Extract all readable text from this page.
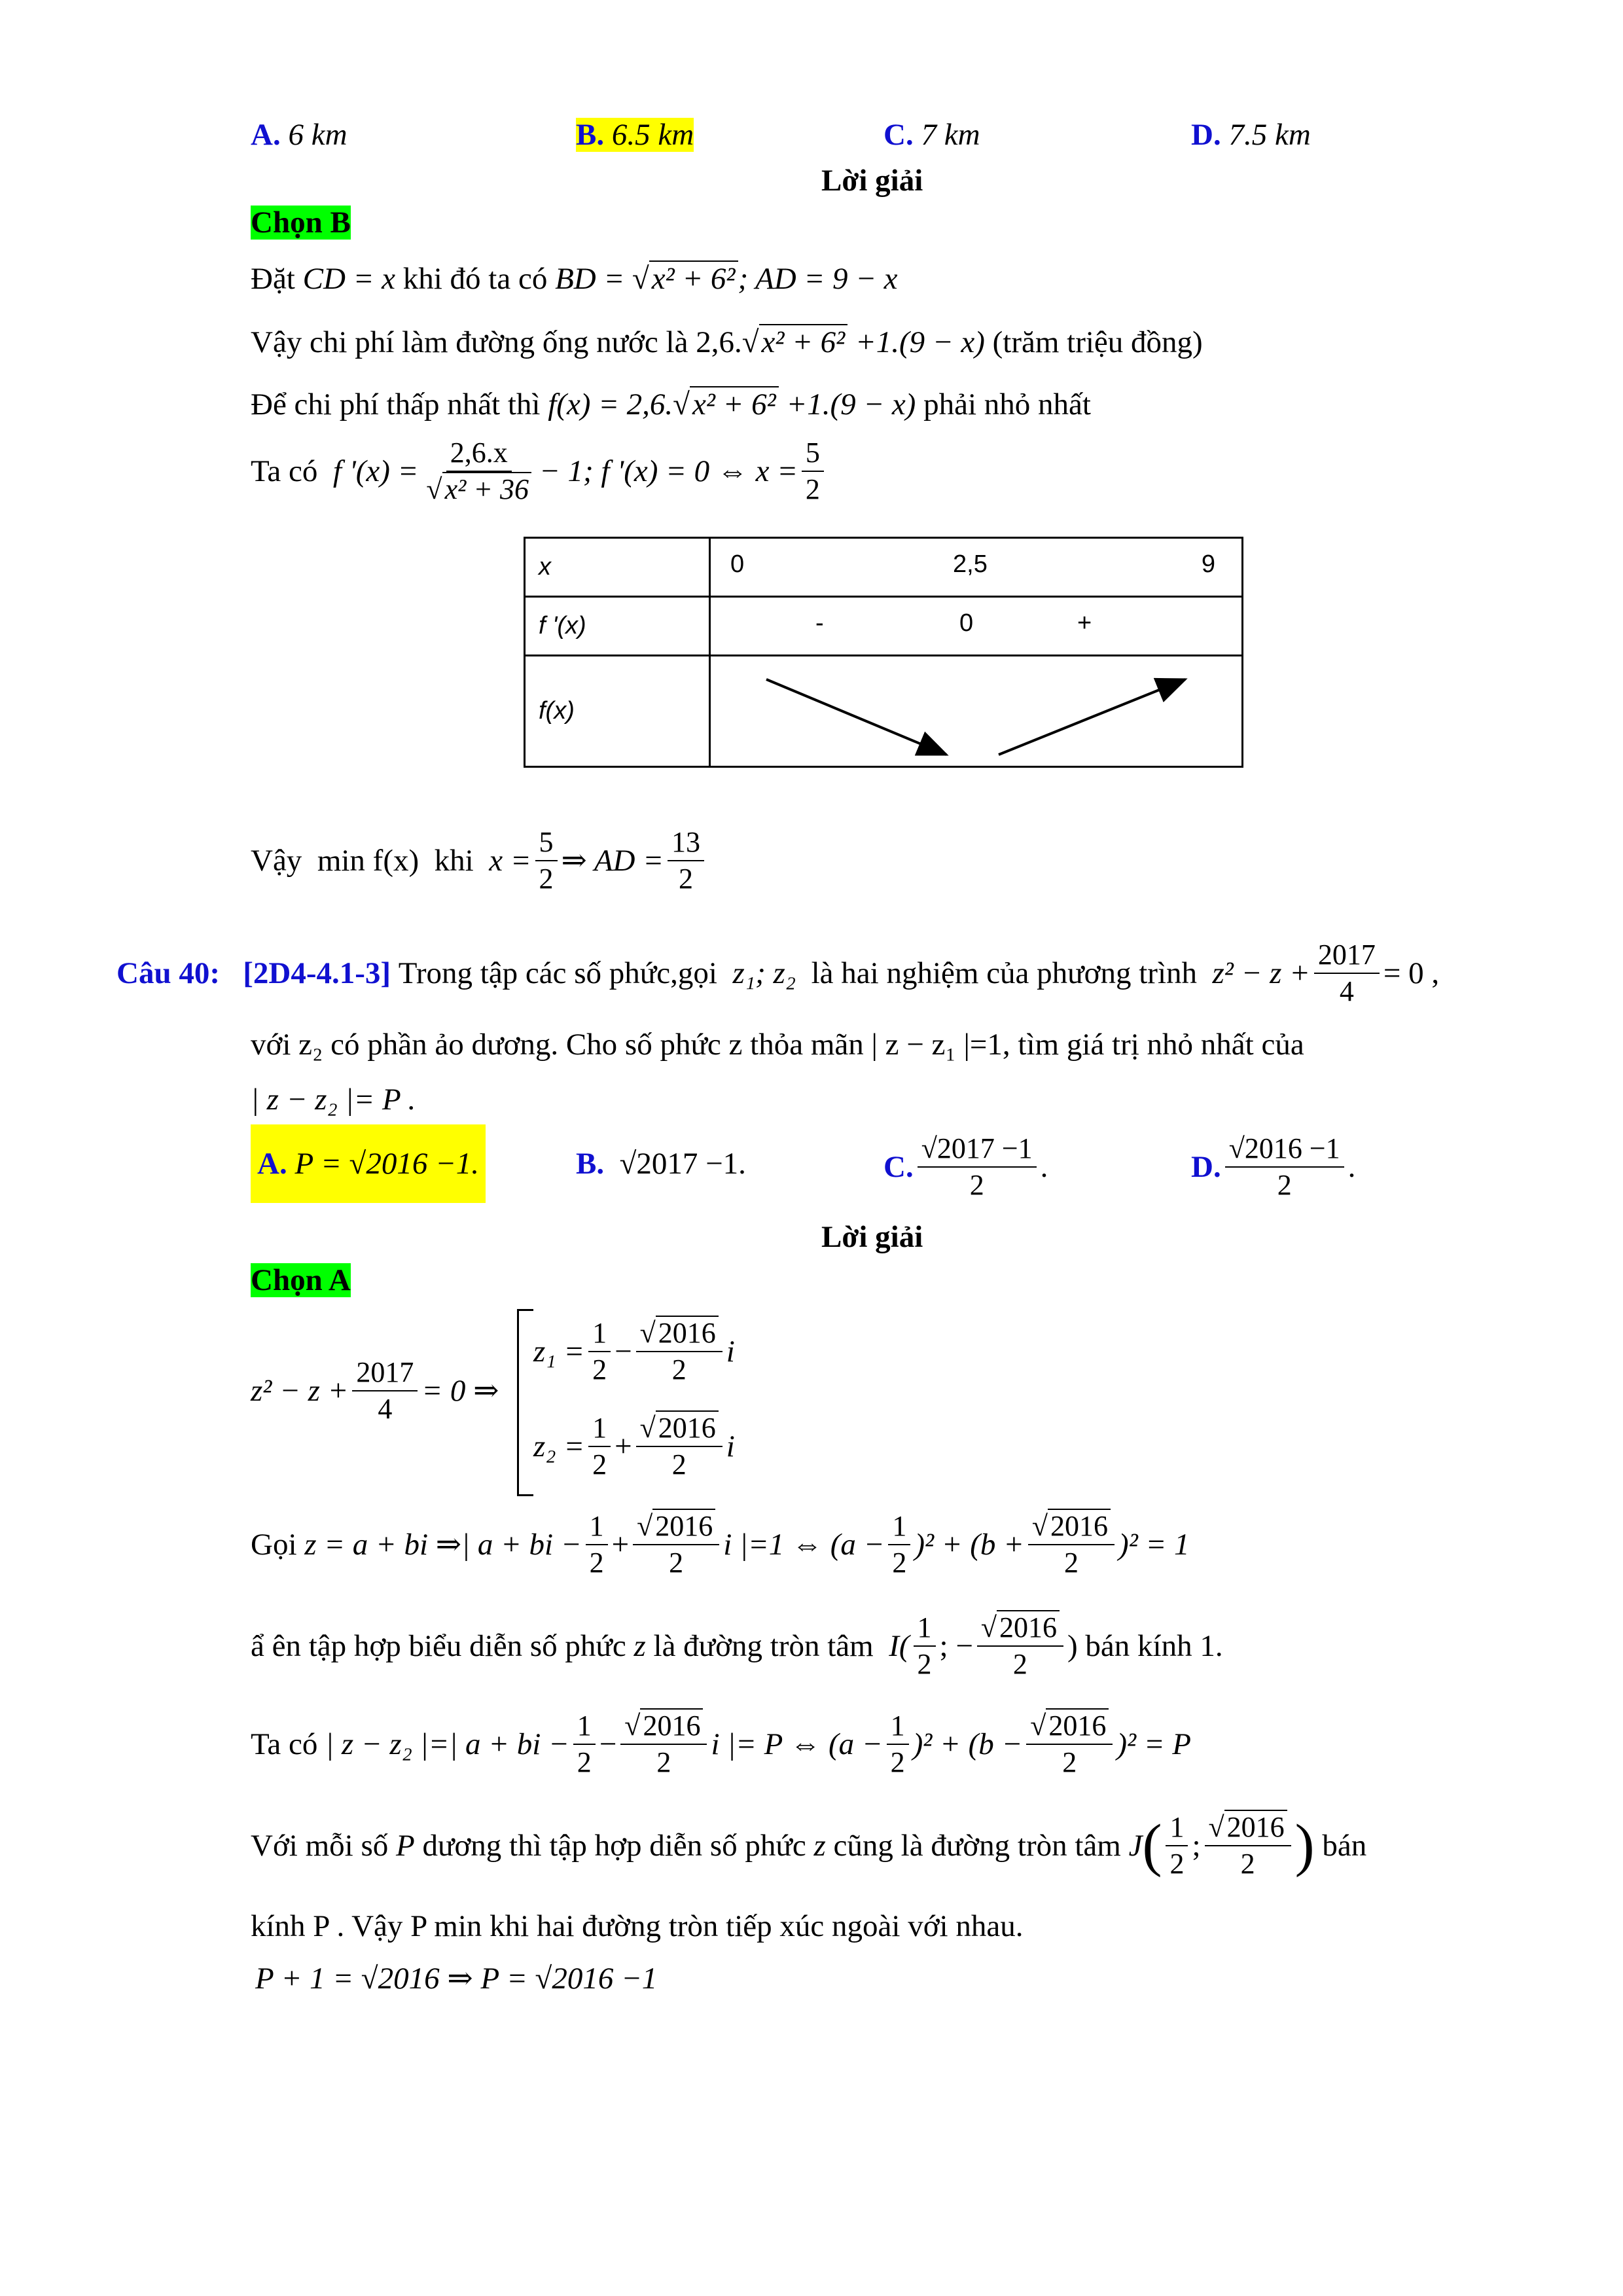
A. 6 km	B. 6.5 km	C. 7 km	D. 7.5 km
Lời giải
Chọn B
Đặt CD = x khi đó ta có BD = √ x² + 6²; AD = 9 − x
Vậy chi phí làm đường ống nước là 2,6. √ x² + 6² +1.(9 − x) (trăm triệu đồng)
Để chi phí thấp nhất thì f(x) = 2,6. √ x² + 6² +1.(9 − x) phải nhỏ nhất
Ta có
f '(x) = 2,6.x
√ x² + 36 − 1; f '(x) = 0 ⇔ $x = \frac{5}{2}$
x	0 2,5 9

f '(x)	- 0 +

f(x)	
Vậy
min f(x)
khi
$x = \frac{5}{2}$ ⇒ AD = $\frac{13}{2}$
Câu 40:
[2D4-4.1-3]
Trong tập các số phức,gọi
z₁; z₂
là hai nghiệm của phương trình
$z^2 - z + \frac{2017}{4} = 0$ ,
với z₂ có phần ảo dương. Cho số phức z thỏa mãn | z − z₁ |=1, tìm giá trị nhỏ nhất của
| z − z₂ |= P .
A.
P = √2016 −1.	B. √2017 −1.	C. $\frac{√2017 -1}{2}$ .	D. $\frac{√2016 -1}{2}$ .
Lời giải
Chọn A
$z^2 - z + \frac{2017}{4} = 0$ ⇒
$z_1 = \frac{1}{2}$ − √ $\frac{2016}{2}$ i
$z_2 = \frac{1}{2}$ + √ $\frac{2016}{2}$ i
Gọi
z = a + bi ⇒| a + bi − $\frac{1}{2}$ + √ $\frac{2016}{2}$ i |=1 ⇔ $(a - \frac{1}{2} )^2 + (b$ + √ $\frac{2016}{2} )^2 = 1$
ẩ ên tập hợp biểu diễn số phức
z
là đường tròn tâm
$I( \frac{1}{2}$ ; − √ $\frac{2016}{2}$ ) bán kính 1.
Ta có
| z − z₂ |=| a + bi − $\frac{1}{2}$ − √ $\frac{2016}{2}$ i |= P ⇔ $(a - \frac{1}{2} )^2 + (b$ − √ $\frac{2016}{2} )^2 = P$
Với mỗi số
P
dương thì tập hợp diễn số phức
z
cũng là đường tròn tâm
J ( $\frac{1}{2}$ ; √ $\frac{2016}{2}$ )
bán
kính P . Vậy P min khi hai đường tròn tiếp xúc ngoài với nhau.
P + 1 = √2016 ⇒ P = √2016 −1
